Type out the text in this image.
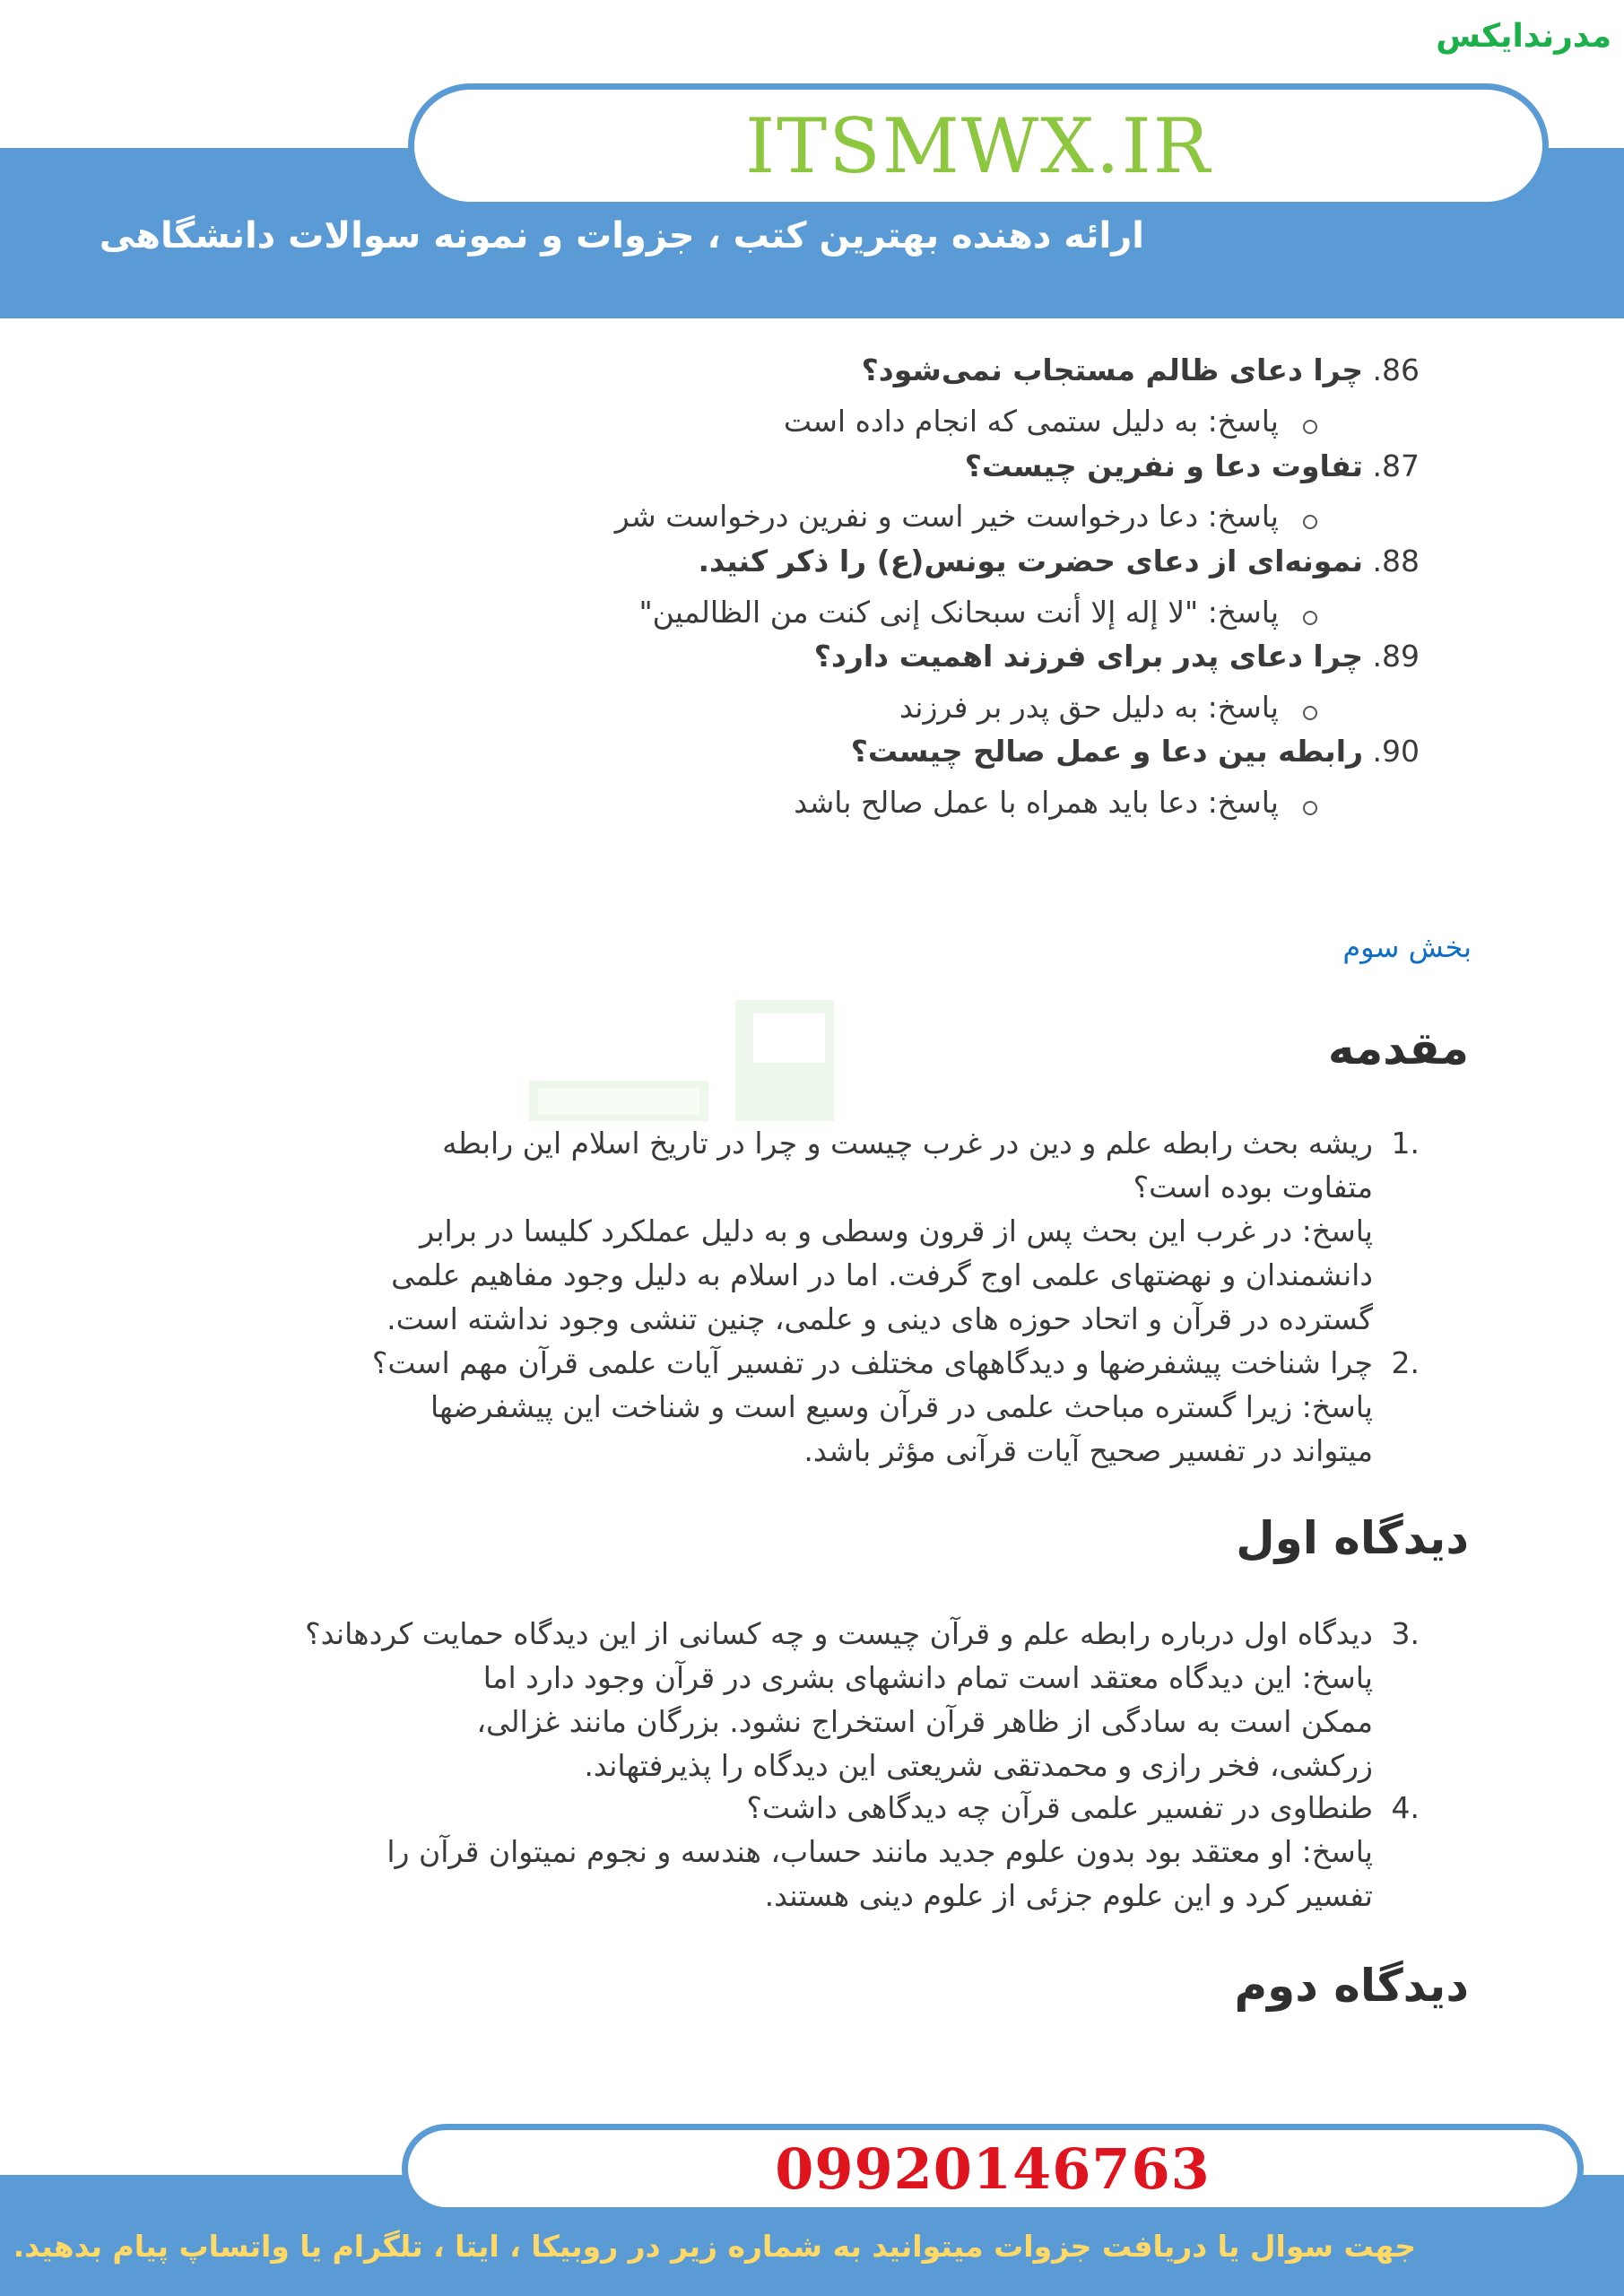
مدرندایکس
ITSMWX.IR
ارائه دهنده بهترین کتب ، جزوات و نمونه سوالات دانشگاهی
86. چرا دعای ظالم مستجاب نمی‌شود؟
پاسخ: به دلیل ستمی که انجام داده است
87. تفاوت دعا و نفرین چیست؟
پاسخ: دعا درخواست خیر است و نفرین درخواست شر
88. نمونه‌ای از دعای حضرت یونس(ع) را ذکر کنید.
پاسخ: "لا إله إلا أنت سبحانک إنی کنت من الظالمین"
89. چرا دعای پدر برای فرزند اهمیت دارد؟
پاسخ: به دلیل حق پدر بر فرزند
90. رابطه بین دعا و عمل صالح چیست؟
پاسخ: دعا باید همراه با عمل صالح باشد
بخش سوم
مقدمه
1.
ریشه بحث رابطه علم و دین در غرب چیست و چرا در تاریخ اسلام این رابطه متفاوت بوده است؟
پاسخ: در غرب این بحث پس از قرون وسطی و به دلیل عملکرد کلیسا در برابر دانشمندان و نهضتهای علمی اوج گرفت. اما در اسلام به دلیل وجود مفاهیم علمی گسترده در قرآن و اتحاد حوزه های دینی و علمی، چنین تنشی وجود نداشته است.
2.
چرا شناخت پیشفرضها و دیدگاههای مختلف در تفسیر آیات علمی قرآن مهم است؟
پاسخ: زیرا گستره مباحث علمی در قرآن وسیع است و شناخت این پیشفرضها میتواند در تفسیر صحیح آیات قرآنی مؤثر باشد.
دیدگاه اول
3.
دیدگاه اول درباره رابطه علم و قرآن چیست و چه کسانی از این دیدگاه حمایت کردهاند؟
پاسخ: این دیدگاه معتقد است تمام دانشهای بشری در قرآن وجود دارد اما ممکن است به سادگی از ظاهر قرآن استخراج نشود. بزرگان مانند غزالی، زرکشی، فخر رازی و محمدتقی شریعتی این دیدگاه را پذیرفتهاند.
4.
طنطاوی در تفسیر علمی قرآن چه دیدگاهی داشت؟
پاسخ: او معتقد بود بدون علوم جدید مانند حساب، هندسه و نجوم نمیتوان قرآن را تفسیر کرد و این علوم جزئی از علوم دینی هستند.
دیدگاه دوم
09920146763
جهت سوال یا دریافت جزوات میتوانید به شماره زیر در روبیکا ، ایتا ، تلگرام یا واتساپ پیام بدهید.
